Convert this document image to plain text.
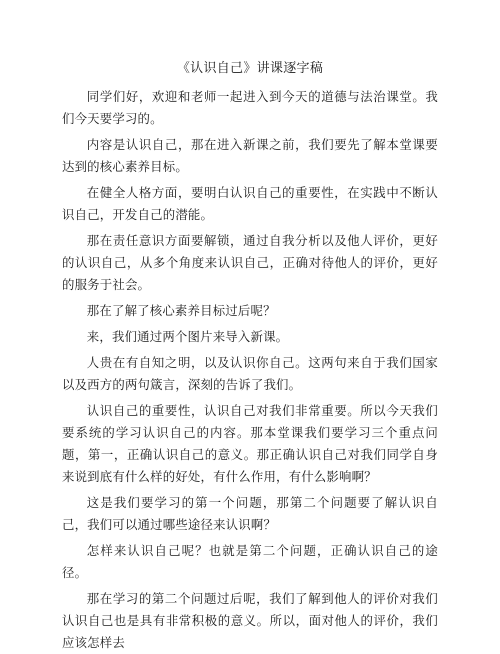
《认识自己》讲课逐字稿

同学们好，欢迎和老师一起进入到今天的道德与法治课堂。我们今天要学习的。

内容是认识自己，那在进入新课之前，我们要先了解本堂课要达到的核心素养目标。

在健全人格方面，要明白认识自己的重要性，在实践中不断认识自己，开发自己的潜能。

那在责任意识方面要解锁，通过自我分析以及他人评价，更好的认识自己，从多个角度来认识自己，正确对待他人的评价，更好的服务于社会。

那在了解了核心素养目标过后呢？

来，我们通过两个图片来导入新课。

人贵在有自知之明，以及认识你自己。这两句来自于我们国家以及西方的两句箴言，深刻的告诉了我们。

认识自己的重要性，认识自己对我们非常重要。所以今天我们要系统的学习认识自己的内容。那本堂课我们要学习三个重点问题，第一，正确认识自己的意义。那正确认识自己对我们同学自身来说到底有什么样的好处，有什么作用，有什么影响啊？

这是我们要学习的第一个问题，那第二个问题要了解认识自己，我们可以通过哪些途径来认识啊？

怎样来认识自己呢？也就是第二个问题，正确认识自己的途径。

那在学习的第二个问题过后呢，我们了解到他人的评价对我们认识自己也是具有非常积极的意义。所以，面对他人的评价，我们应该怎样去
